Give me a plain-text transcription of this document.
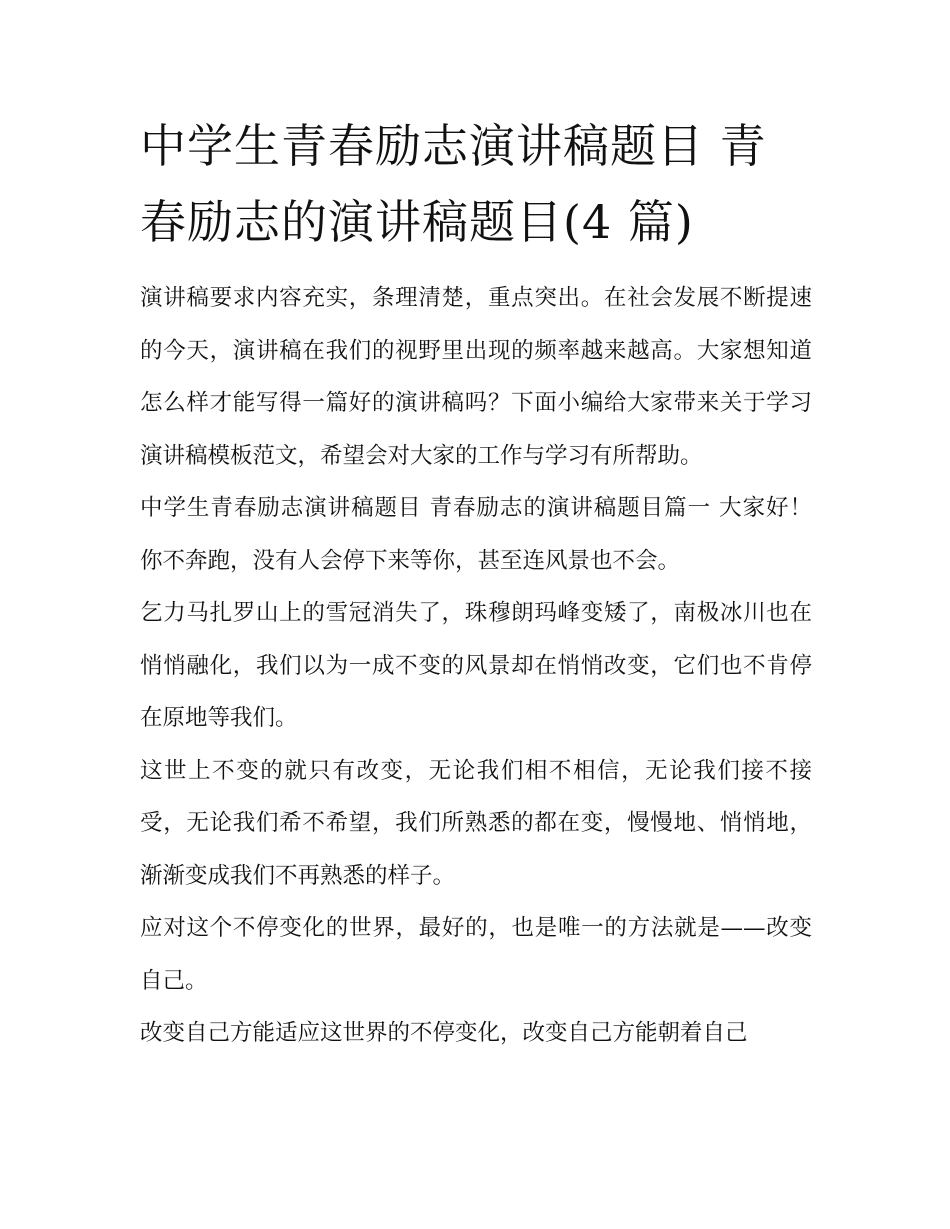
中学生青春励志演讲稿题目 青春励志的演讲稿题目(4 篇)

演讲稿要求内容充实，条理清楚，重点突出。在社会发展不断提速的今天，演讲稿在我们的视野里出现的频率越来越高。大家想知道怎么样才能写得一篇好的演讲稿吗？下面小编给大家带来关于学习演讲稿模板范文，希望会对大家的工作与学习有所帮助。

中学生青春励志演讲稿题目 青春励志的演讲稿题目篇一 大家好！ 你不奔跑，没有人会停下来等你，甚至连风景也不会。

乞力马扎罗山上的雪冠消失了，珠穆朗玛峰变矮了，南极冰川也在悄悄融化，我们以为一成不变的风景却在悄悄改变，它们也不肯停在原地等我们。

这世上不变的就只有改变，无论我们相不相信，无论我们接不接受，无论我们希不希望，我们所熟悉的都在变，慢慢地、悄悄地，渐渐变成我们不再熟悉的样子。

应对这个不停变化的世界，最好的，也是唯一的方法就是——改变自己。

改变自己方能适应这世界的不停变化，改变自己方能朝着自己
